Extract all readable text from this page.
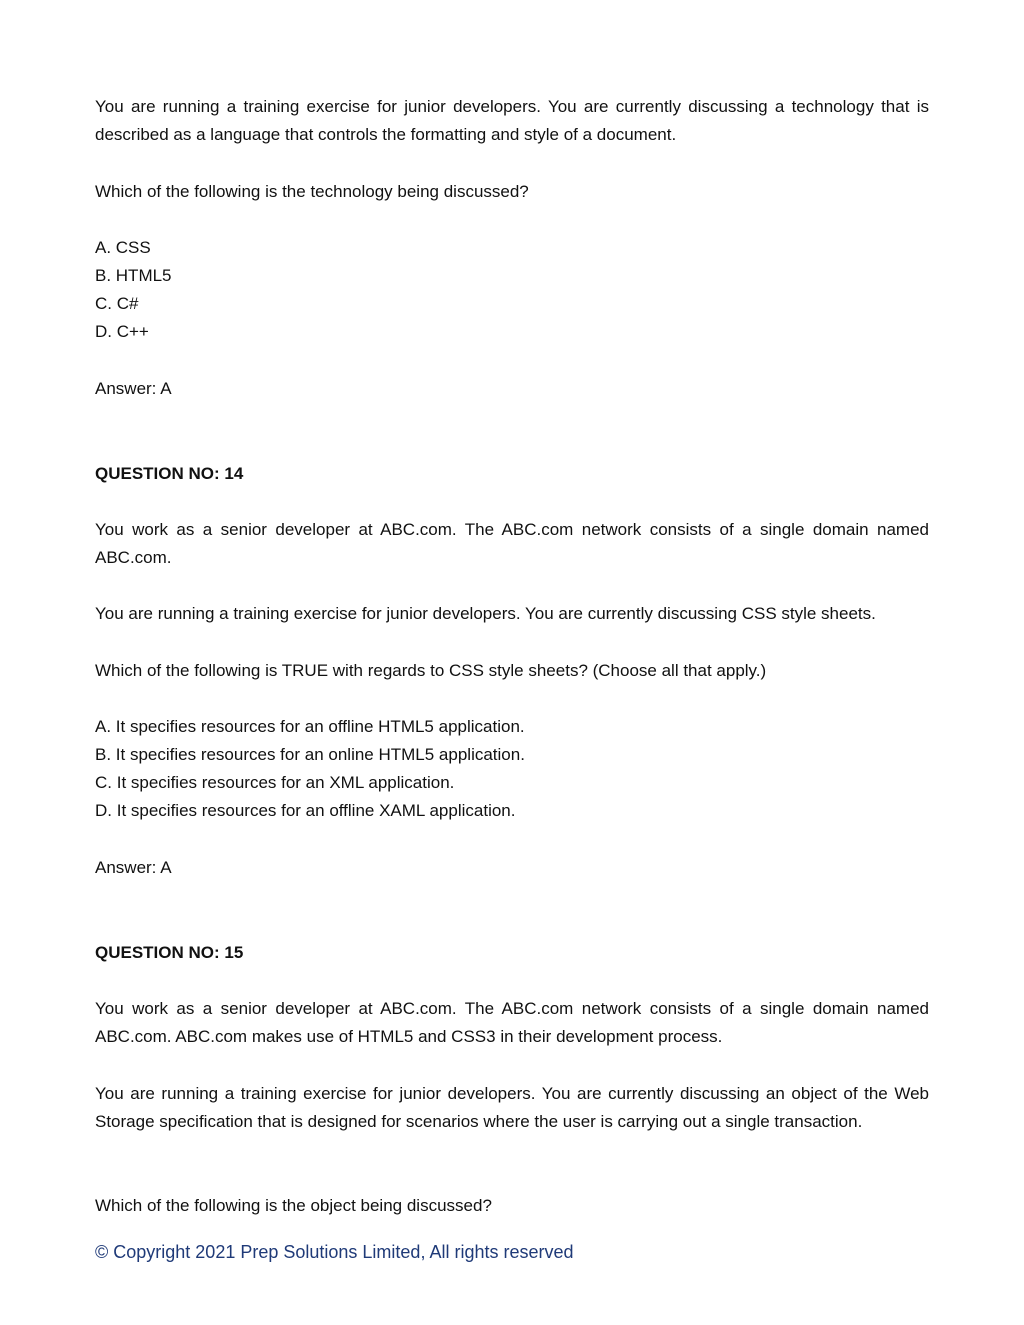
You are running a training exercise for junior developers. You are currently discussing a technology that is described as a language that controls the formatting and style of a document.

Which of the following is the technology being discussed?

A. CSS

B. HTML5

C. C#

D. C++

Answer: A

QUESTION NO: 14

You work as a senior developer at ABC.com. The ABC.com network consists of a single domain named ABC.com.

You are running a training exercise for junior developers. You are currently discussing CSS style sheets.

Which of the following is TRUE with regards to CSS style sheets? (Choose all that apply.)

A. It specifies resources for an offline HTML5 application.

B. It specifies resources for an online HTML5 application.

C. It specifies resources for an XML application.

D. It specifies resources for an offline XAML application.

Answer: A

QUESTION NO: 15

You work as a senior developer at ABC.com. The ABC.com network consists of a single domain named ABC.com. ABC.com makes use of HTML5 and CSS3 in their development process.

You are running a training exercise for junior developers. You are currently discussing an object of the Web Storage specification that is designed for scenarios where the user is carrying out a single transaction.

Which of the following is the object being discussed?

© Copyright 2021 Prep Solutions Limited, All rights reserved
